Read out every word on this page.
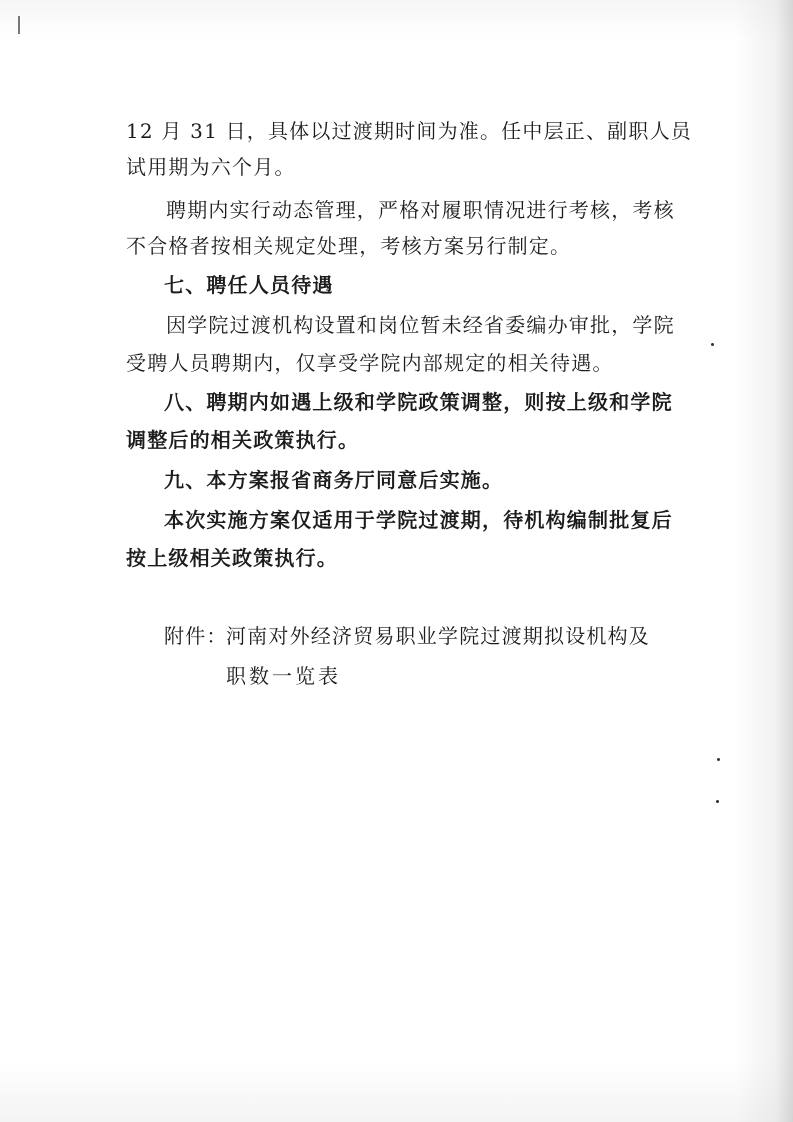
12 月 31 日，具体以过渡期时间为准。任中层正、副职人员

试用期为六个月。

聘期内实行动态管理，严格对履职情况进行考核，考核

不合格者按相关规定处理，考核方案另行制定。

七、聘任人员待遇

因学院过渡机构设置和岗位暂未经省委编办审批，学院

受聘人员聘期内，仅享受学院内部规定的相关待遇。

八、聘期内如遇上级和学院政策调整，则按上级和学院

调整后的相关政策执行。

九、本方案报省商务厅同意后实施。

本次实施方案仅适用于学院过渡期，待机构编制批复后

按上级相关政策执行。

附件：

河南对外经济贸易职业学院过渡期拟设机构及

职数一览表
